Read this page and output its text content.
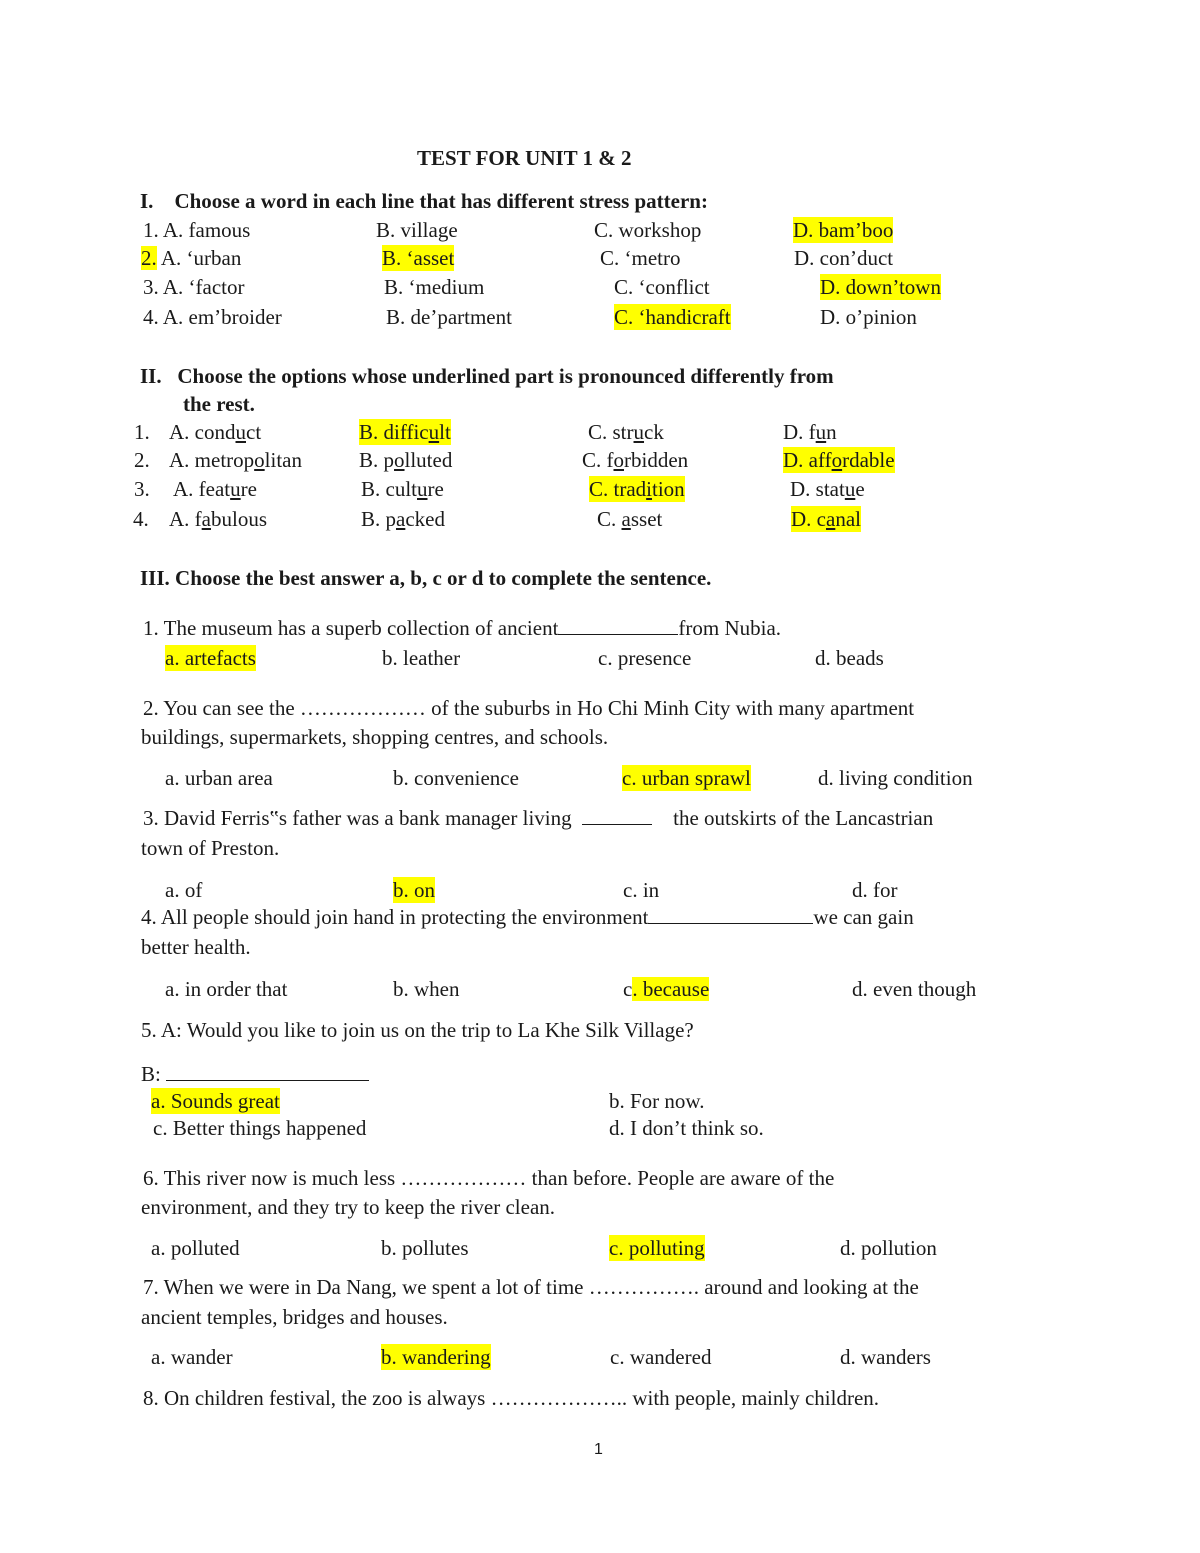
TEST FOR UNIT 1 & 2
I. Choose a word in each line that has different stress pattern:
1. A. famous	B. village	C. workshop	D. bam’boo
2. A. ‘urban	B. ‘asset	C. ‘metro	D. con’duct
3. A. ‘factor	B. ‘medium	C. ‘conflict	D. down’town
4. A. em’broider	B. de’partment	C. ‘handicraft	D. o’pinion
II. Choose the options whose underlined part is pronounced differently from
the rest.
1. A. conduct	B. difficult	C. struck	D. fun
2. A. metropolitan	B. polluted	C. forbidden	D. affordable
3. A. feature	B. culture	C. tradition	D. statue
4. A. fabulous	B. packed	C. asset	D. canal
III. Choose the best answer a, b, c or d to complete the sentence.
1. The museum has a superb collection of ancient	from Nubia.
a. artefacts	b. leather	c. presence	d. beads
2. You can see the ……………… of the suburbs in Ho Chi Minh City with many apartment
buildings, supermarkets, shopping centres, and schools.
a. urban area	b. convenience	c. urban sprawl	d. living condition
3. David Ferris‟s father was a bank manager living	the outskirts of the Lancastrian
town of Preston.
a. of	b. on	c. in	d. for
4. All people should join hand in protecting the environment	we can gain
better health.
a. in order that	b. when	c. because	d. even though
5. A: Would you like to join us on the trip to La Khe Silk Village?
B:
a. Sounds great	b. For now.
c. Better things happened	d. I don’t think so.
6. This river now is much less ……………… than before. People are aware of the
environment, and they try to keep the river clean.
a. polluted	b. pollutes	c. polluting	d. pollution
7. When we were in Da Nang, we spent a lot of time ……………. around and looking at the
ancient temples, bridges and houses.
a. wander	b. wandering	c. wandered	d. wanders
8. On children festival, the zoo is always ……………….. with people, mainly children.
1
